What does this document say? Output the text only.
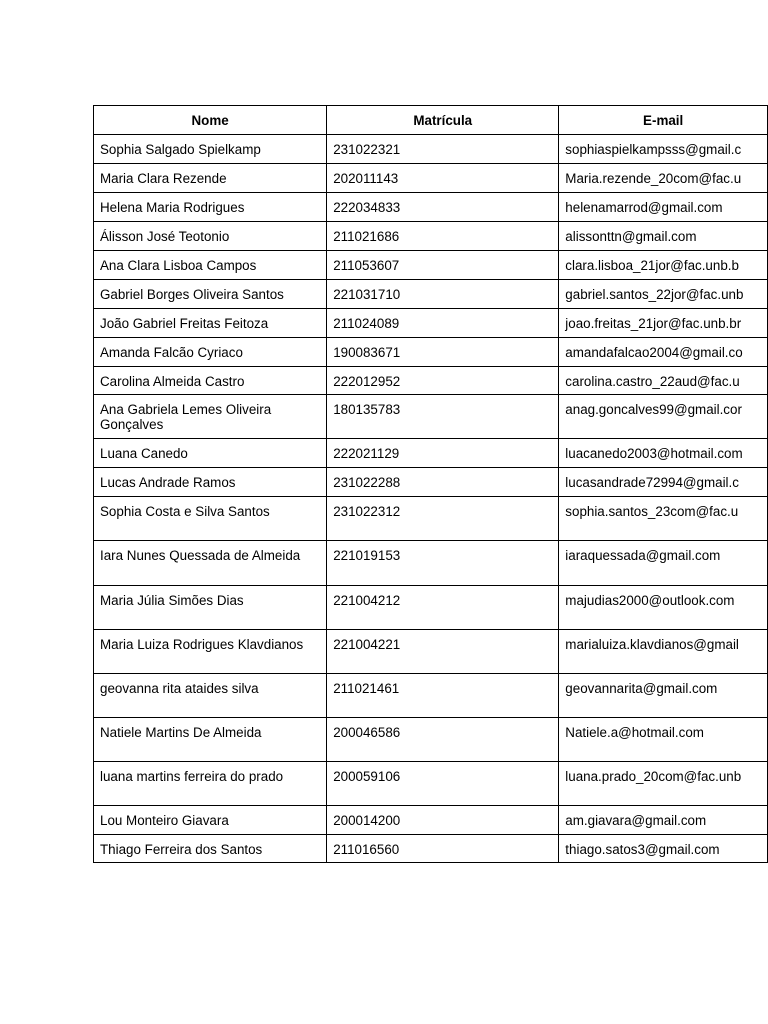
Nome	Matrícula	E-mail
Sophia Salgado Spielkamp	231022321	sophiaspielkampsss@gmail.c
Maria Clara Rezende	202011143	Maria.rezende_20com@fac.u
Helena Maria Rodrigues	222034833	helenamarrod@gmail.com
Álisson José Teotonio	211021686	alissonttn@gmail.com
Ana Clara Lisboa Campos	211053607	clara.lisboa_21jor@fac.unb.b
Gabriel Borges Oliveira Santos	221031710	gabriel.santos_22jor@fac.unb
João Gabriel Freitas Feitoza	211024089	joao.freitas_21jor@fac.unb.br
Amanda Falcão Cyriaco	190083671	amandafalcao2004@gmail.co
Carolina Almeida Castro	222012952	carolina.castro_22aud@fac.u
Ana Gabriela Lemes Oliveira Gonçalves	180135783	anag.goncalves99@gmail.cor
Luana Canedo	222021129	luacanedo2003@hotmail.com
Lucas Andrade Ramos	231022288	lucasandrade72994@gmail.c
Sophia Costa e Silva Santos	231022312	sophia.santos_23com@fac.u
Iara Nunes Quessada de Almeida	221019153	iaraquessada@gmail.com
Maria Júlia Simões Dias	221004212	majudias2000@outlook.com
Maria Luiza Rodrigues Klavdianos	221004221	marialuiza.klavdianos@gmail
geovanna rita ataides silva	211021461	geovannarita@gmail.com
Natiele Martins De Almeida	200046586	Natiele.a@hotmail.com
luana martins ferreira do prado	200059106	luana.prado_20com@fac.unb
Lou Monteiro Giavara	200014200	am.giavara@gmail.com
Thiago Ferreira dos Santos	211016560	thiago.satos3@gmail.com
